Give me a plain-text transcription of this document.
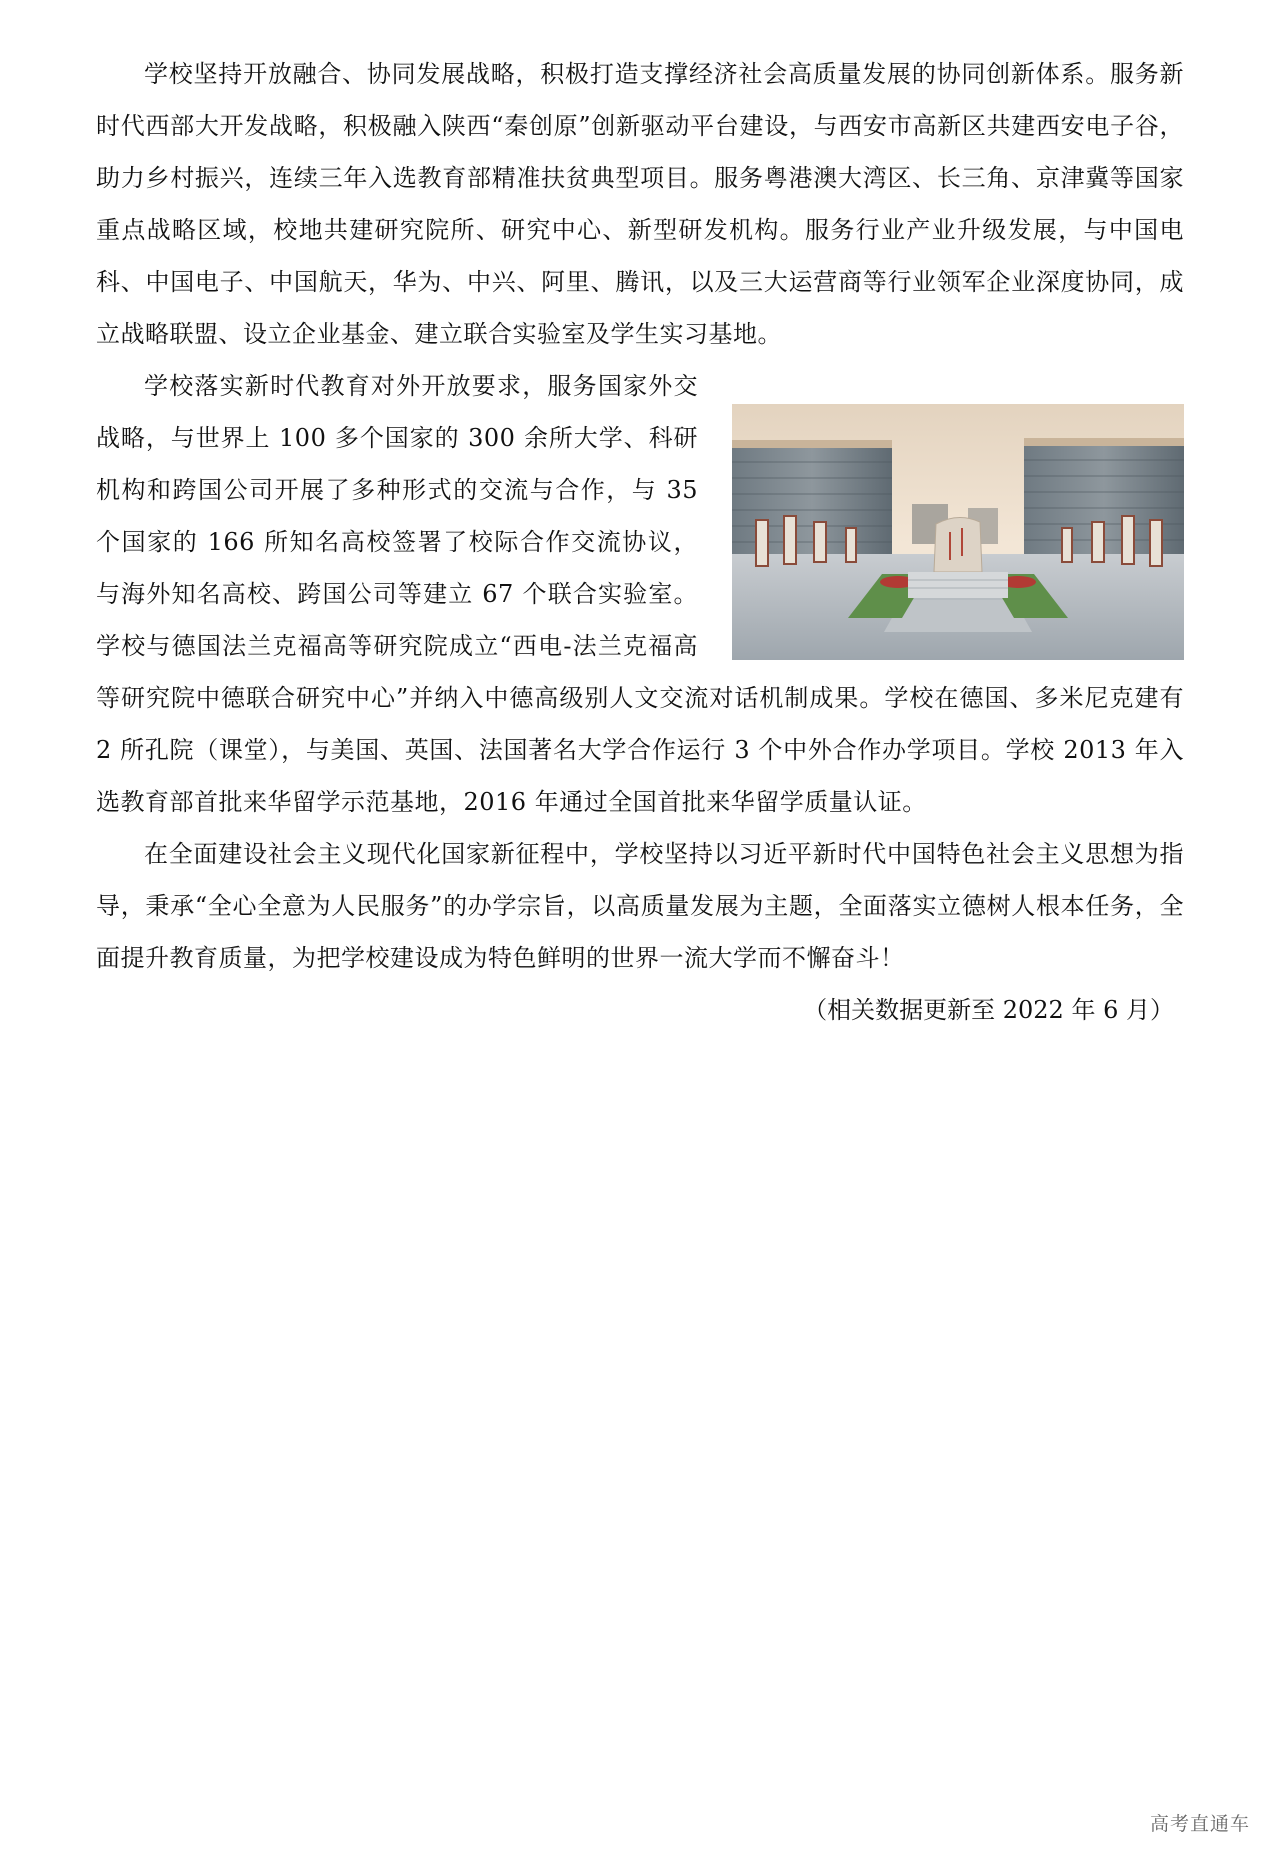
学校坚持开放融合、协同发展战略，积极打造支撑经济社会高质量发展的协同创新体系。服务新时代西部大开发战略，积极融入陕西“秦创原”创新驱动平台建设，与西安市高新区共建西安电子谷，助力乡村振兴，连续三年入选教育部精准扶贫典型项目。服务粤港澳大湾区、长三角、京津冀等国家重点战略区域，校地共建研究院所、研究中心、新型研发机构。服务行业产业升级发展，与中国电科、中国电子、中国航天，华为、中兴、阿里、腾讯，以及三大运营商等行业领军企业深度协同，成立战略联盟、设立企业基金、建立联合实验室及学生实习基地。

学校落实新时代教育对外开放要求，服务国家外交战略，与世界上 100 多个国家的 300 余所大学、科研机构和跨国公司开展了多种形式的交流与合作，与 35 个国家的 166 所知名高校签署了校际合作交流协议，与海外知名高校、跨国公司等建立 67 个联合实验室。学校与德国法兰克福高等研究院成立“西电-法兰克福高等研究院中德联合研究中心”并纳入中德高级别人文交流对话机制成果。学校在德国、多米尼克建有 2 所孔院（课堂），与美国、英国、法国著名大学合作运行 3 个中外合作办学项目。学校 2013 年入选教育部首批来华留学示范基地，2016 年通过全国首批来华留学质量认证。

在全面建设社会主义现代化国家新征程中，学校坚持以习近平新时代中国特色社会主义思想为指导，秉承“全心全意为人民服务”的办学宗旨，以高质量发展为主题，全面落实立德树人根本任务，全面提升教育质量，为把学校建设成为特色鲜明的世界一流大学而不懈奋斗！

（相关数据更新至 2022 年 6 月）

高考直通车
